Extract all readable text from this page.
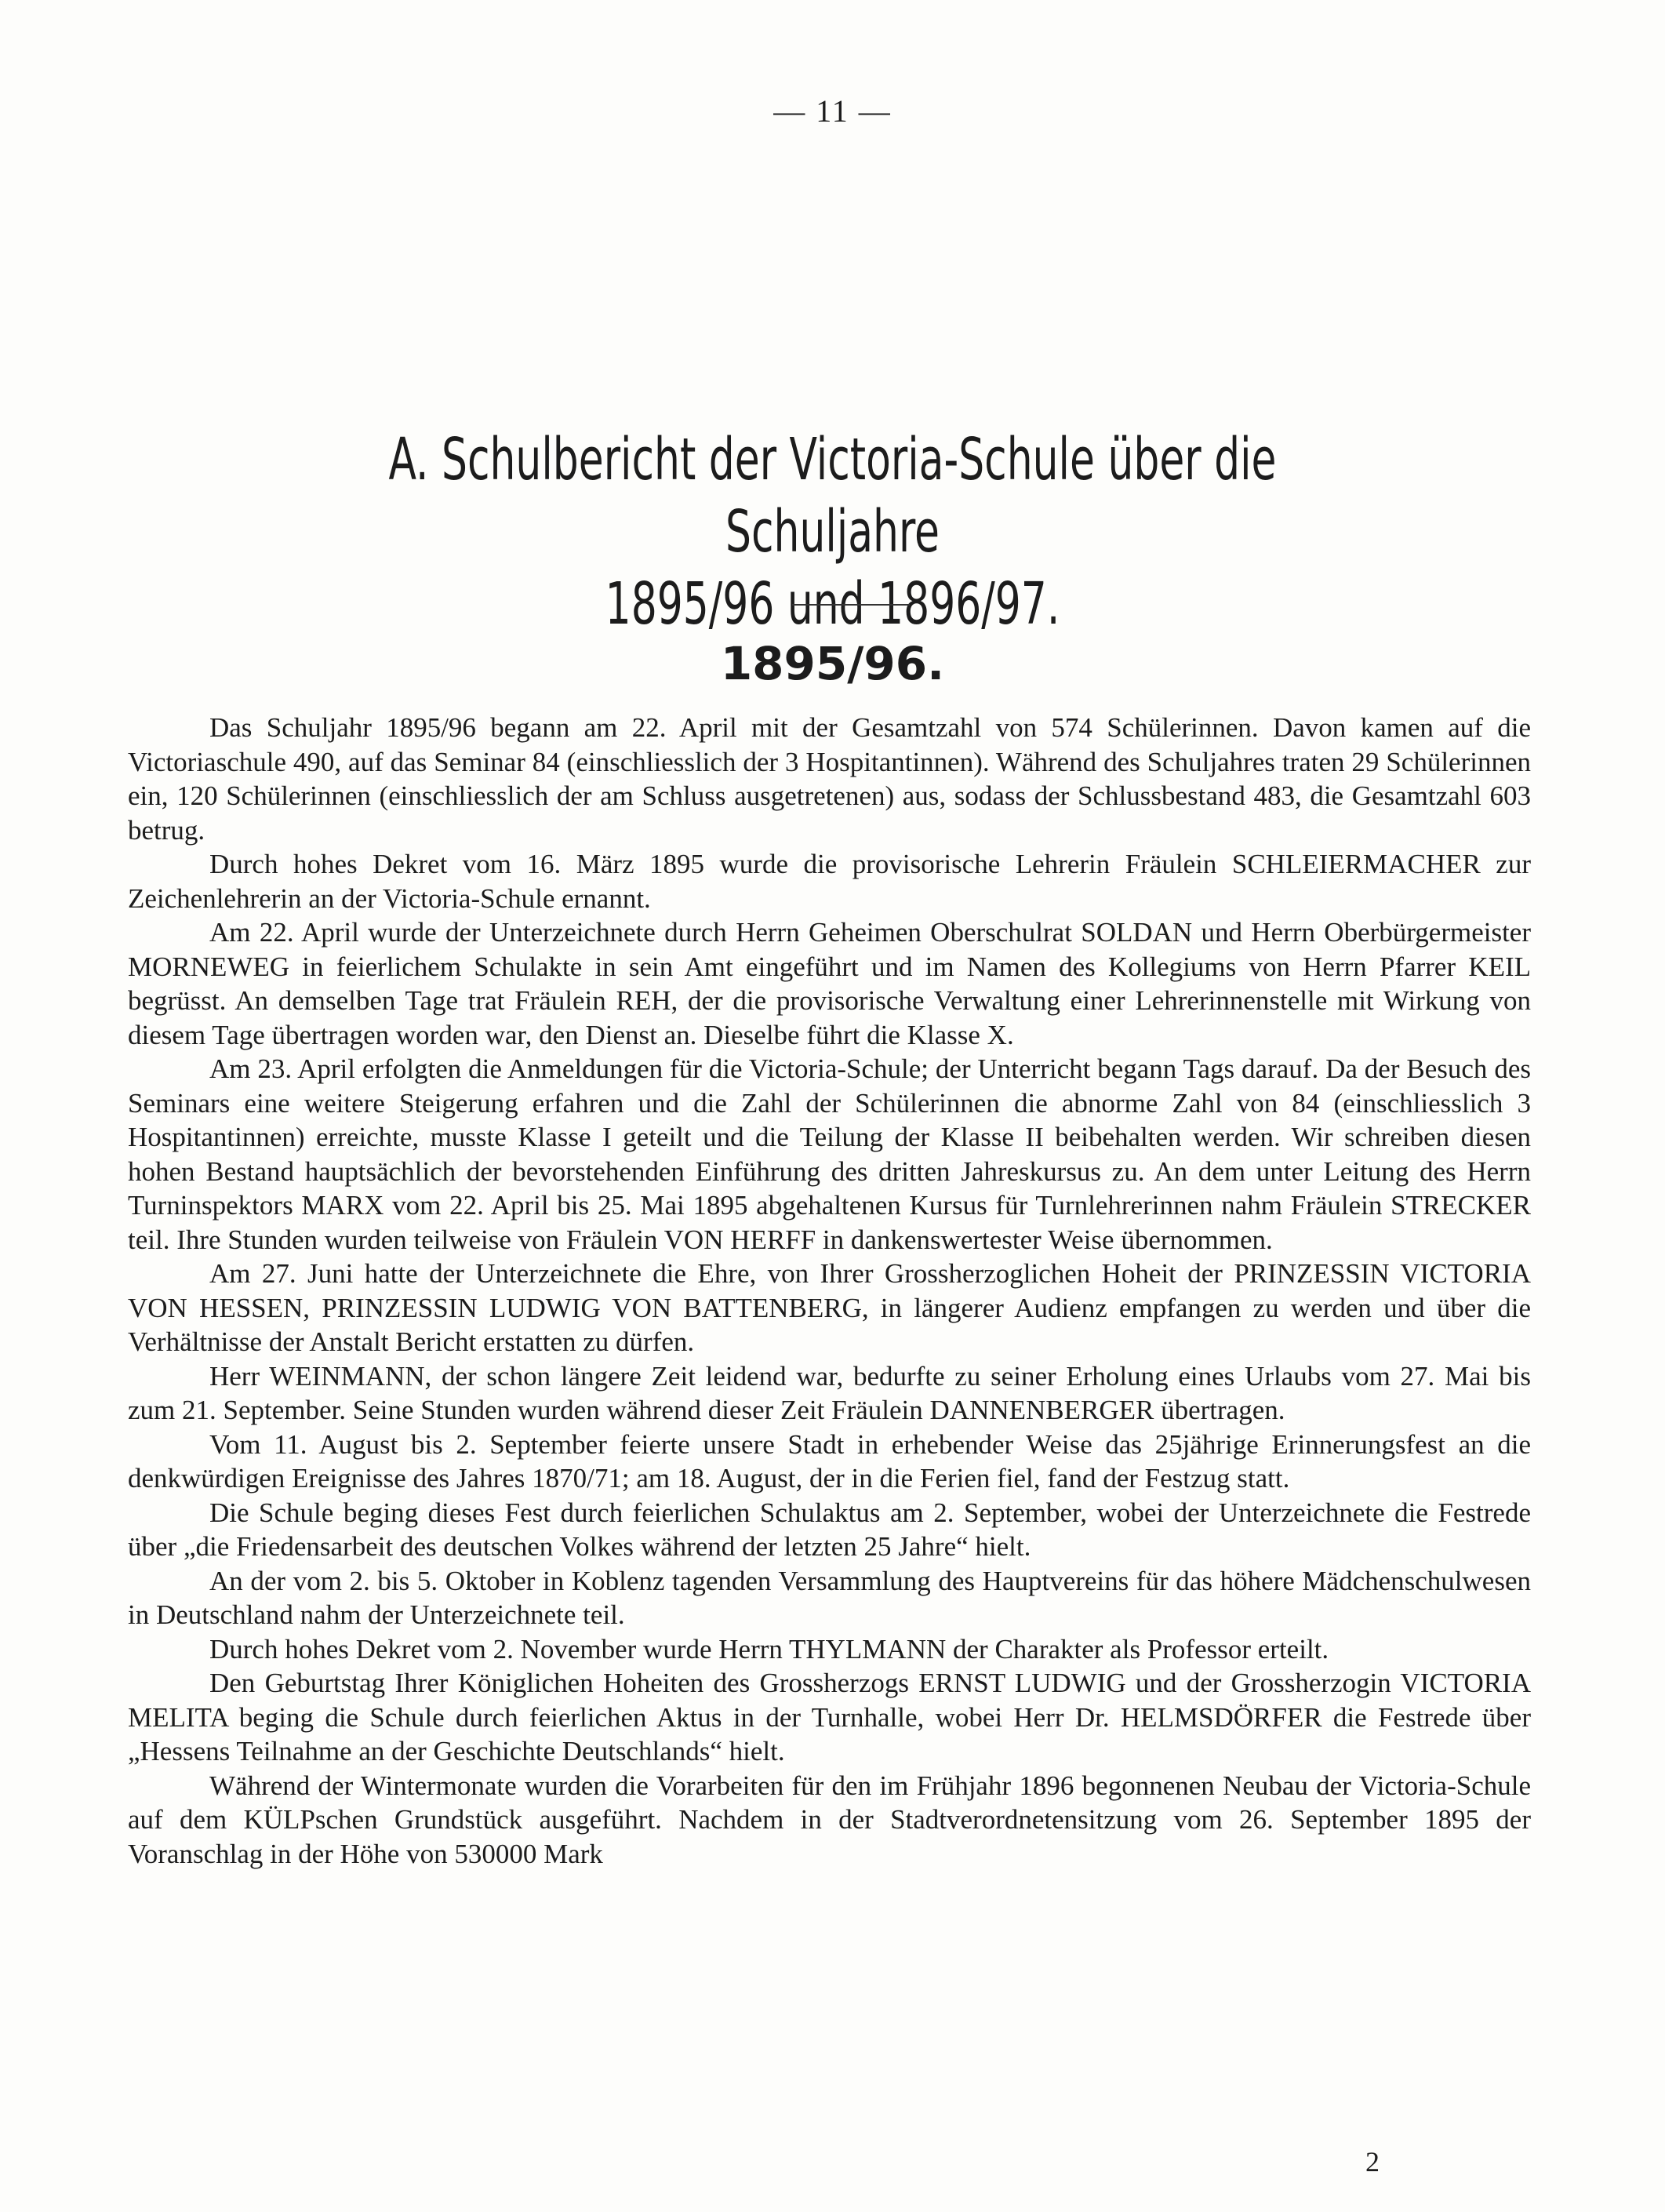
— 11 —
A. Schulbericht der Victoria-Schule über die Schuljahre
1895/96 und 1896/97.
1895/96.

Das Schuljahr 1895/96 begann am 22. April mit der Gesamtzahl von 574 Schülerinnen. Davon kamen auf die Victoriaschule 490, auf das Seminar 84 (einschliesslich der 3 Hospitantinnen). Während des Schuljahres traten 29 Schülerinnen ein, 120 Schülerinnen (einschliesslich der am Schluss ausgetretenen) aus, sodass der Schlussbestand 483, die Gesamtzahl 603 betrug.

Durch hohes Dekret vom 16. März 1895 wurde die provisorische Lehrerin Fräulein SCHLEIERMACHER zur Zeichenlehrerin an der Victoria-Schule ernannt.

Am 22. April wurde der Unterzeichnete durch Herrn Geheimen Oberschulrat SOLDAN und Herrn Oberbürgermeister MORNEWEG in feierlichem Schulakte in sein Amt eingeführt und im Namen des Kollegiums von Herrn Pfarrer KEIL begrüsst. An demselben Tage trat Fräulein REH, der die provisorische Verwaltung einer Lehrerinnenstelle mit Wirkung von diesem Tage übertragen worden war, den Dienst an. Dieselbe führt die Klasse X.

Am 23. April erfolgten die Anmeldungen für die Victoria-Schule; der Unterricht begann Tags darauf. Da der Besuch des Seminars eine weitere Steigerung erfahren und die Zahl der Schülerinnen die abnorme Zahl von 84 (einschliesslich 3 Hospitantinnen) erreichte, musste Klasse I geteilt und die Teilung der Klasse II beibehalten werden. Wir schreiben diesen hohen Bestand hauptsächlich der bevorstehenden Einführung des dritten Jahreskursus zu. An dem unter Leitung des Herrn Turninspektors MARX vom 22. April bis 25. Mai 1895 abgehaltenen Kursus für Turnlehrerinnen nahm Fräulein STRECKER teil. Ihre Stunden wurden teilweise von Fräulein VON HERFF in dankenswertester Weise übernommen.

Am 27. Juni hatte der Unterzeichnete die Ehre, von Ihrer Grossherzoglichen Hoheit der PRINZESSIN VICTORIA VON HESSEN, PRINZESSIN LUDWIG VON BATTENBERG, in längerer Audienz empfangen zu werden und über die Verhältnisse der Anstalt Bericht erstatten zu dürfen.

Herr WEINMANN, der schon längere Zeit leidend war, bedurfte zu seiner Erholung eines Urlaubs vom 27. Mai bis zum 21. September. Seine Stunden wurden während dieser Zeit Fräulein DANNENBERGER übertragen.

Vom 11. August bis 2. September feierte unsere Stadt in erhebender Weise das 25jährige Erinnerungsfest an die denkwürdigen Ereignisse des Jahres 1870/71; am 18. August, der in die Ferien fiel, fand der Festzug statt.

Die Schule beging dieses Fest durch feierlichen Schulaktus am 2. September, wobei der Unterzeichnete die Festrede über „die Friedensarbeit des deutschen Volkes während der letzten 25 Jahre“ hielt.

An der vom 2. bis 5. Oktober in Koblenz tagenden Versammlung des Hauptvereins für das höhere Mädchenschulwesen in Deutschland nahm der Unterzeichnete teil.

Durch hohes Dekret vom 2. November wurde Herrn THYLMANN der Charakter als Professor erteilt.

Den Geburtstag Ihrer Königlichen Hoheiten des Grossherzogs ERNST LUDWIG und der Grossherzogin VICTORIA MELITA beging die Schule durch feierlichen Aktus in der Turnhalle, wobei Herr Dr. HELMSDÖRFER die Festrede über „Hessens Teilnahme an der Geschichte Deutschlands“ hielt.

Während der Wintermonate wurden die Vorarbeiten für den im Frühjahr 1896 begonnenen Neubau der Victoria-Schule auf dem KÜLPschen Grundstück ausgeführt. Nachdem in der Stadtverordnetensitzung vom 26. September 1895 der Voranschlag in der Höhe von 530000 Mark

2
